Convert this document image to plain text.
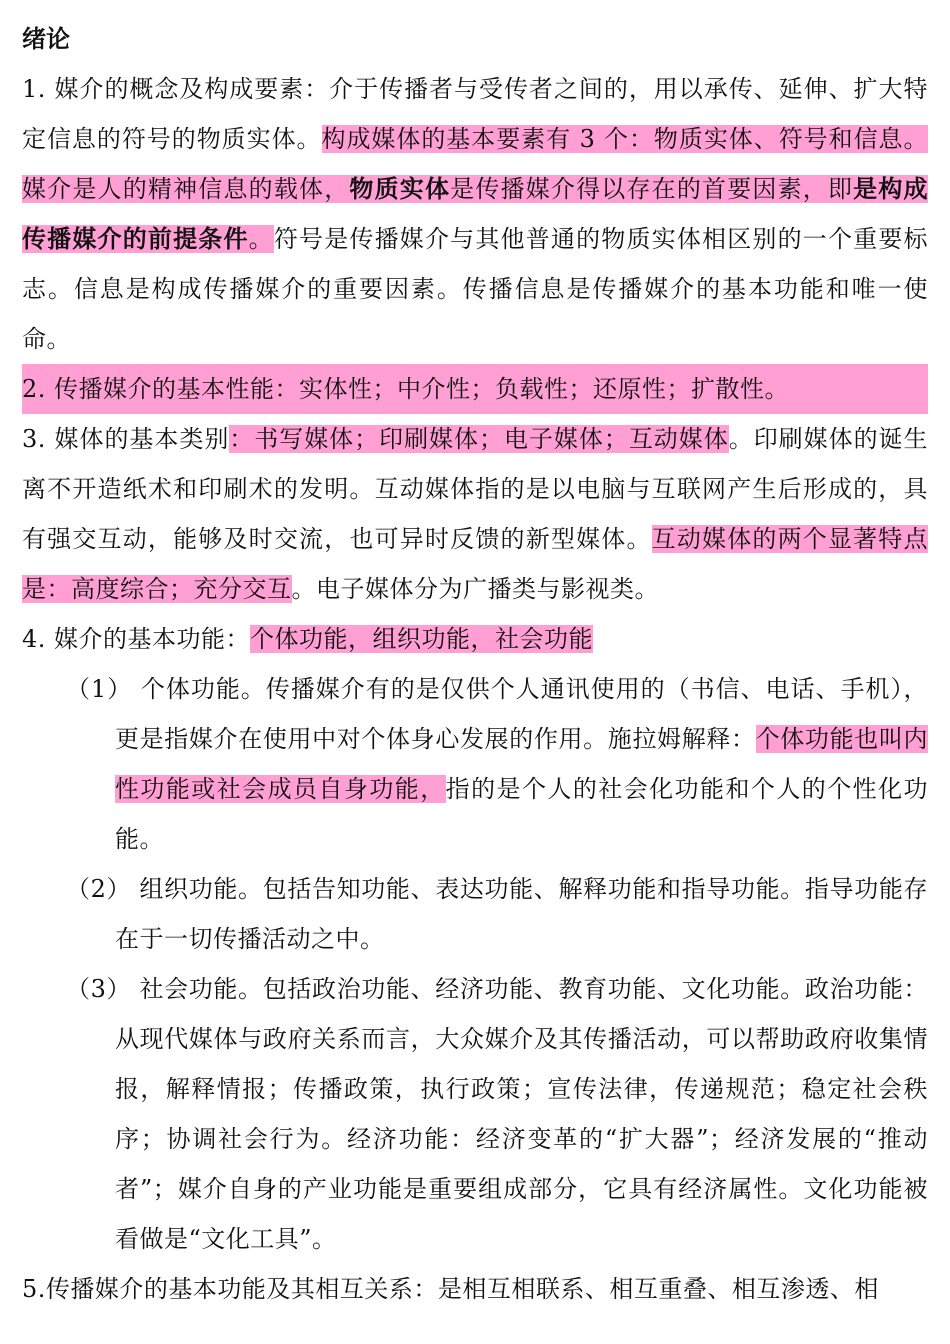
绪论

1. 媒介的概念及构成要素：介于传播者与受传者之间的，用以承传、延伸、扩大特定信息的符号的物质实体。构成媒体的基本要素有 3 个：物质实体、符号和信息。媒介是人的精神信息的载体，物质实体是传播媒介得以存在的首要因素，即是构成传播媒介的前提条件。符号是传播媒介与其他普通的物质实体相区别的一个重要标志。信息是构成传播媒介的重要因素。传播信息是传播媒介的基本功能和唯一使命。

2. 传播媒介的基本性能：实体性；中介性；负载性；还原性；扩散性。

3. 媒体的基本类别：书写媒体；印刷媒体；电子媒体；互动媒体。印刷媒体的诞生离不开造纸术和印刷术的发明。互动媒体指的是以电脑与互联网产生后形成的，具有强交互动，能够及时交流，也可异时反馈的新型媒体。互动媒体的两个显著特点是：高度综合；充分交互。电子媒体分为广播类与影视类。

4. 媒介的基本功能：个体功能，组织功能，社会功能

（1） 个体功能。传播媒介有的是仅供个人通讯使用的（书信、电话、手机），更是指媒介在使用中对个体身心发展的作用。施拉姆解释：个体功能也叫内性功能或社会成员自身功能，指的是个人的社会化功能和个人的个性化功能。

（2） 组织功能。包括告知功能、表达功能、解释功能和指导功能。指导功能存在于一切传播活动之中。

（3） 社会功能。包括政治功能、经济功能、教育功能、文化功能。政治功能：从现代媒体与政府关系而言，大众媒介及其传播活动，可以帮助政府收集情报，解释情报；传播政策，执行政策；宣传法律，传递规范；稳定社会秩序；协调社会行为。经济功能：经济变革的“扩大器”；经济发展的“推动者”；媒介自身的产业功能是重要组成部分，它具有经济属性。文化功能被看做是“文化工具”。

5.传播媒介的基本功能及其相互关系：是相互相联系、相互重叠、相互渗透、相
